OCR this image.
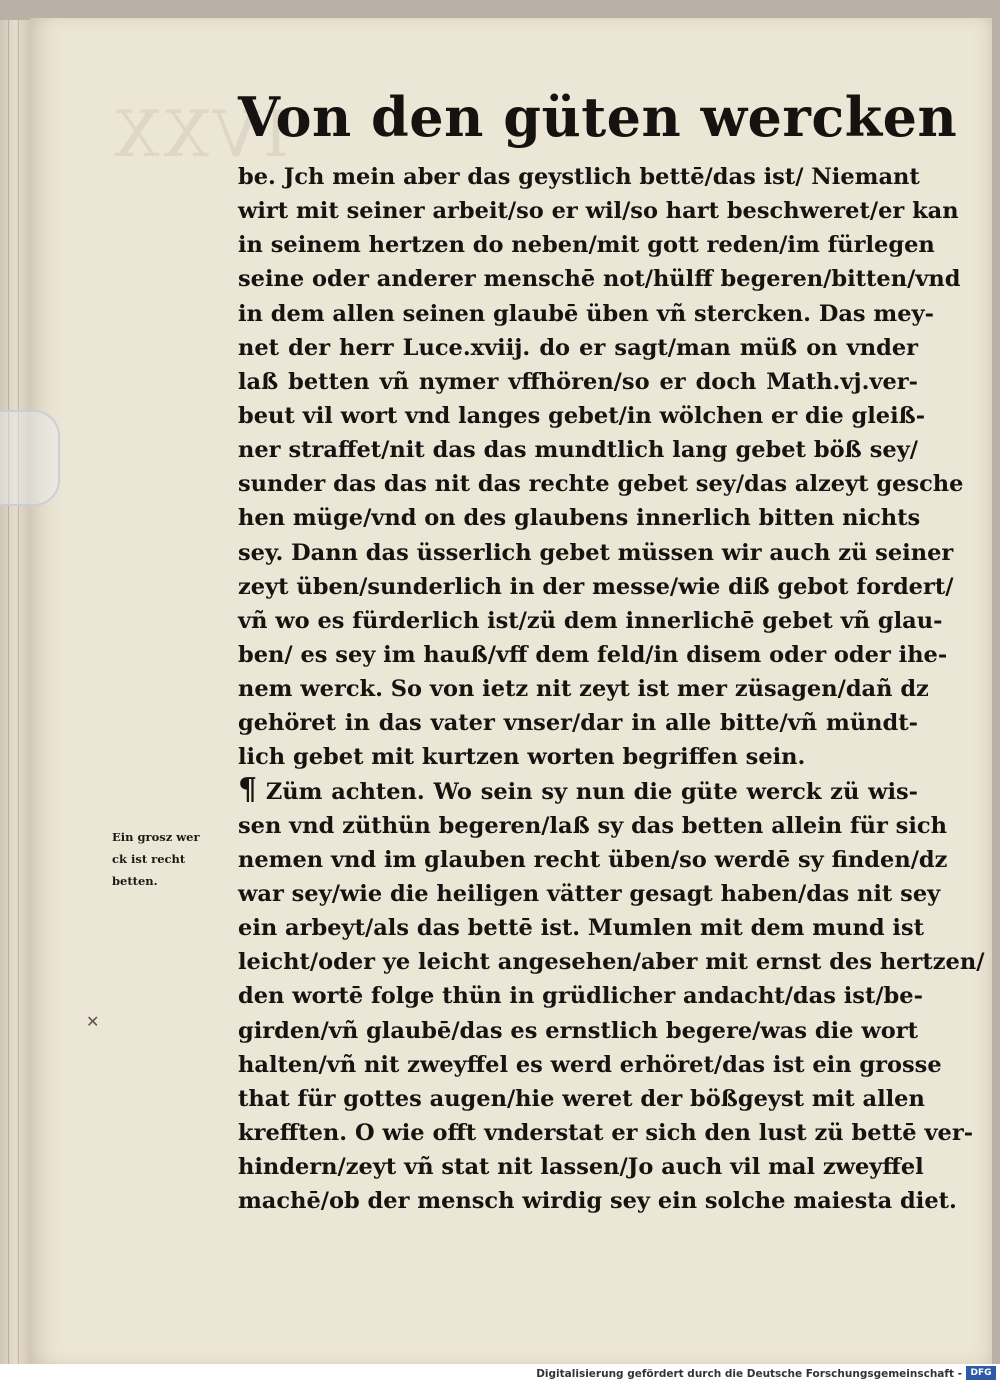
IVXX
Von den güten wercken
be. Jch mein aber das geystlich bettē/das ist/ Niemant
wirt mit seiner arbeit/so er wil/so hart beschweret/er kan
in seinem hertzen do neben/mit gott reden/im fürlegen
seine oder anderer menschē not/hülff begeren/bitten/vnd
in dem allen seinen glaubē üben vñ stercken. Das mey-
net der herr Luce.xviij. do er sagt/man müß on vnder
laß betten vñ nymer vffhören/so er doch Math.vj.ver-
beut vil wort vnd langes gebet/in wölchen er die gleiß-
ner straffet/nit das das mundtlich lang gebet böß sey/
sunder das das nit das rechte gebet sey/das alzeyt gesche
hen müge/vnd on des glaubens innerlich bitten nichts
sey. Dann das üsserlich gebet müssen wir auch zü seiner
zeyt üben/sunderlich in der messe/wie diß gebot fordert/
vñ wo es fürderlich ist/zü dem innerlichē gebet vñ glau-
ben/ es sey im hauß/vff dem feld/in disem oder oder ihe-
nem werck. So von ietz nit zeyt ist mer züsagen/dañ dz
gehöret in das vater vnser/dar in alle bitte/vñ mündt-
lich gebet mit kurtzen worten begriffen sein.
¶ Züm achten. Wo sein sy nun die güte werck zü wis-
sen vnd züthün begeren/laß sy das betten allein für sich
nemen vnd im glauben recht üben/so werdē sy finden/dz
war sey/wie die heiligen vätter gesagt haben/das nit sey
ein arbeyt/als das bettē ist. Mumlen mit dem mund ist
leicht/oder ye leicht angesehen/aber mit ernst des hertzen/
den wortē folge thün in grüdlicher andacht/das ist/be-
girden/vñ glaubē/das es ernstlich begere/was die wort
halten/vñ nit zweyffel es werd erhöret/das ist ein grosse
that für gottes augen/hie weret der bößgeyst mit allen
krefften. O wie offt vnderstat er sich den lust zü bettē ver-
hindern/zeyt vñ stat nit lassen/Jo auch vil mal zweyffel
machē/ob der mensch wirdig sey ein solche maiesta diet.
Ein grosz wer
ck ist recht
betten.
✕
Digitalisierung gefördert durch die Deutsche Forschungsgemeinschaft - DFG
